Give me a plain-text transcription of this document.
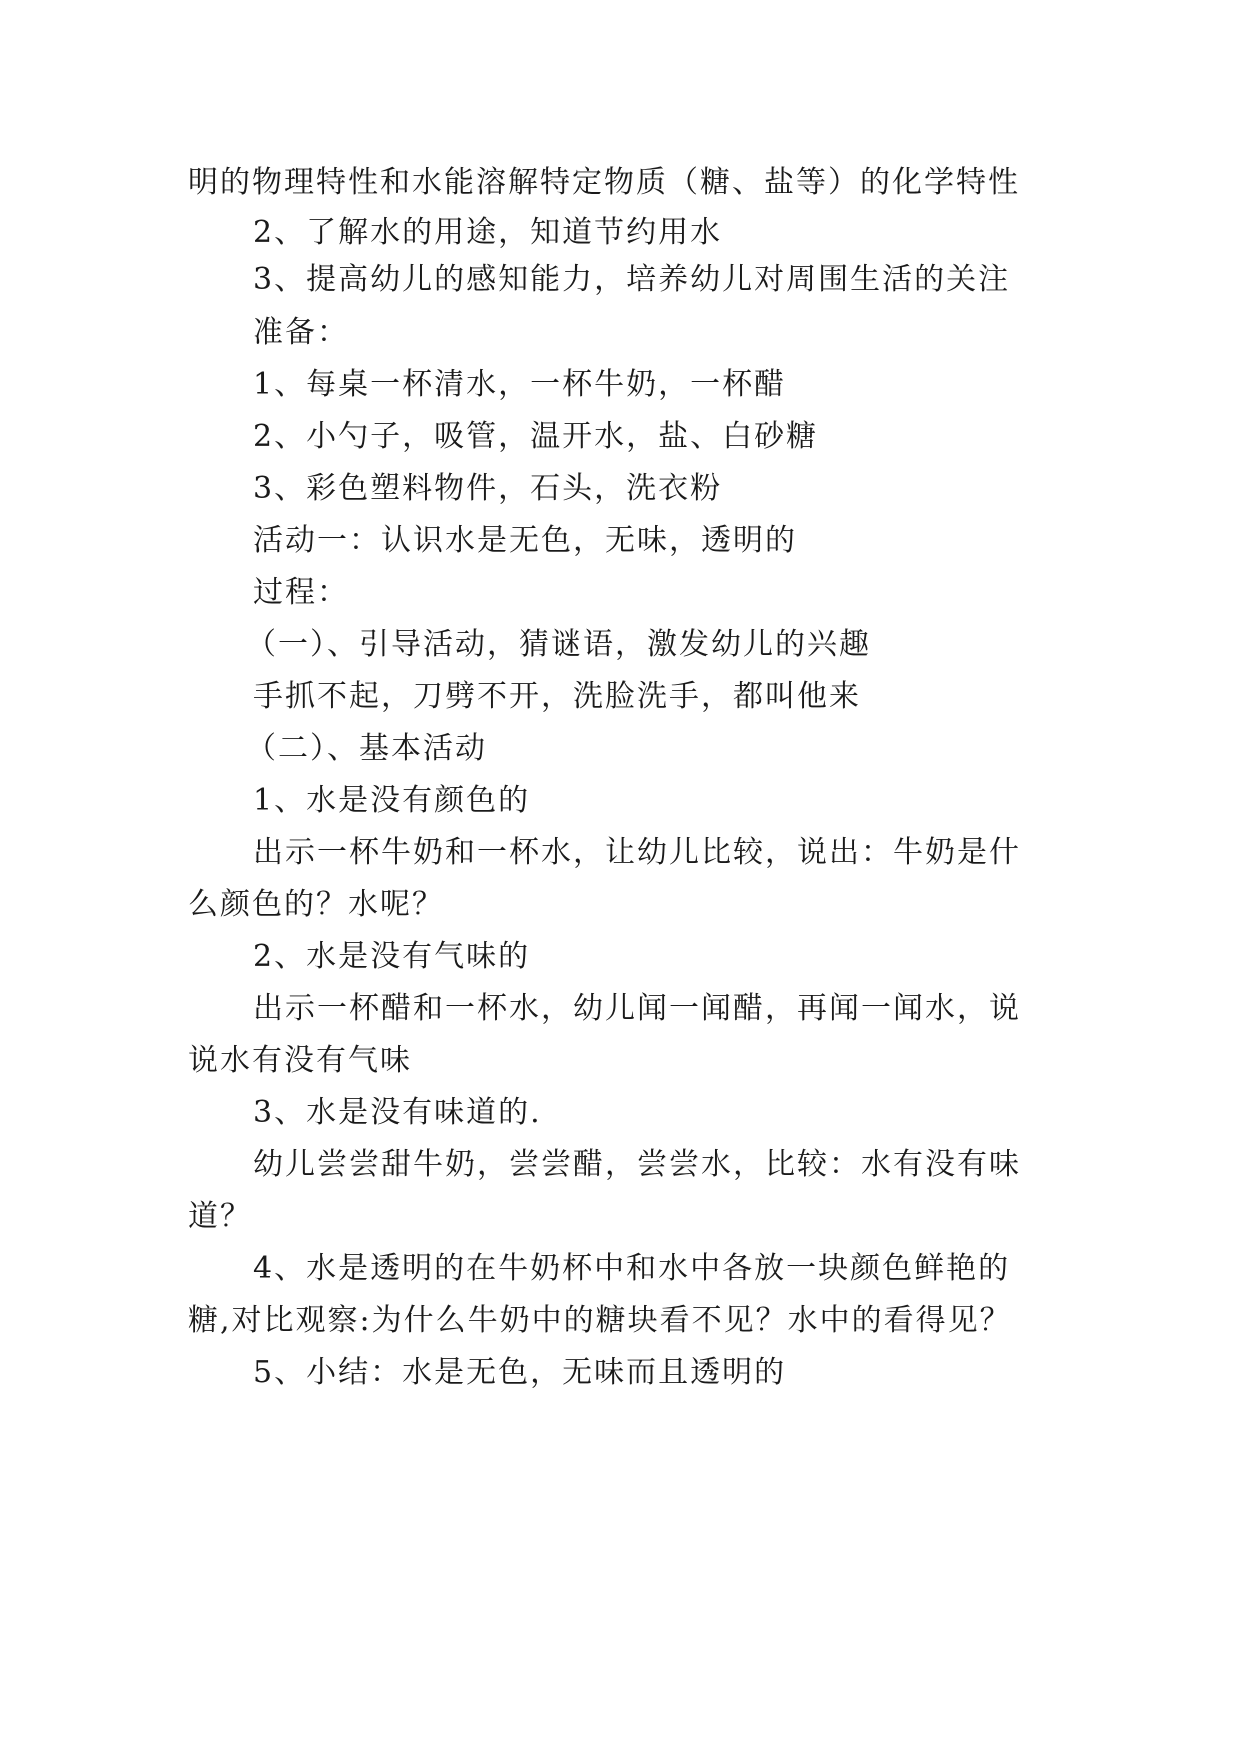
明的物理特性和水能溶解特定物质（糖、盐等）的化学特性
2、了解水的用途，知道节约用水
3、提高幼儿的感知能力，培养幼儿对周围生活的关注
准备：
1、每桌一杯清水，一杯牛奶，一杯醋
2、小勺子，吸管，温开水，盐、白砂糖
3、彩色塑料物件，石头，洗衣粉
活动一：认识水是无色，无味，透明的
过程：
（一）、引导活动，猜谜语，激发幼儿的兴趣
手抓不起，刀劈不开，洗脸洗手，都叫他来
（二）、基本活动
1、水是没有颜色的
出示一杯牛奶和一杯水，让幼儿比较，说出：牛奶是什
么颜色的？水呢？
2、水是没有气味的
出示一杯醋和一杯水，幼儿闻一闻醋，再闻一闻水，说
说水有没有气味
3、水是没有味道的.
幼儿尝尝甜牛奶，尝尝醋，尝尝水，比较：水有没有味
道？
4、水是透明的在牛奶杯中和水中各放一块颜色鲜艳的
糖,对比观察:为什么牛奶中的糖块看不见？水中的看得见？
5、小结：水是无色，无味而且透明的
